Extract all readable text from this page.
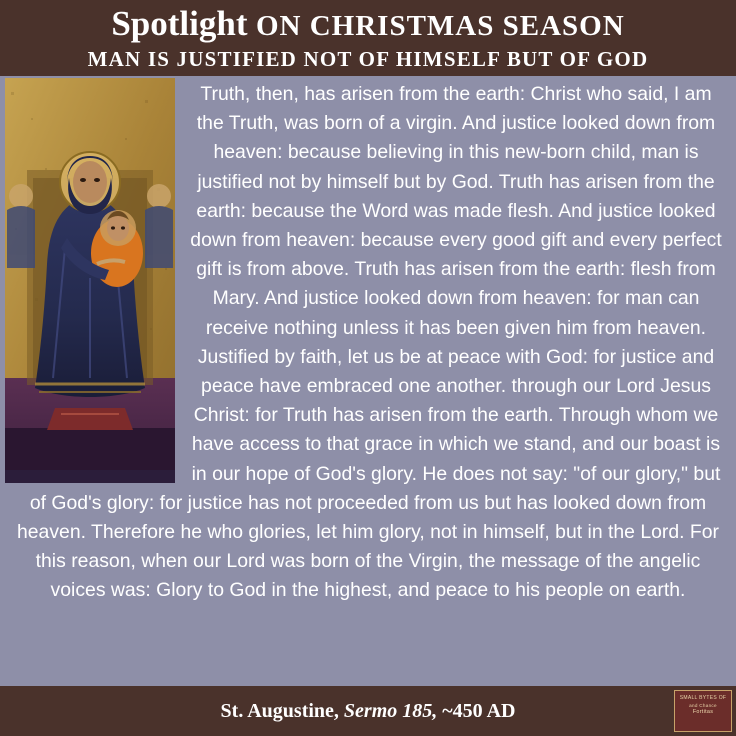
Spotlight ON CHRISTMAS SEASON
MAN IS JUSTIFIED NOT OF HIMSELF BUT OF GOD
Truth, then, has arisen from the earth: Christ who said, I am the Truth, was born of a virgin. And justice looked down from heaven: because believing in this new-born child, man is justified not by himself but by God. Truth has arisen from the earth: because the Word was made flesh. And justice looked down from heaven: because every good gift and every perfect gift is from above. Truth has arisen from the earth: flesh from Mary. And justice looked down from heaven: for man can receive nothing unless it has been given him from heaven. Justified by faith, let us be at peace with God: for justice and peace have embraced one another. through our Lord Jesus Christ: for Truth has arisen from the earth. Through whom we have access to that grace in which we stand, and our boast is in our hope of God's glory. He does not say: "of our glory," but of God's glory: for justice has not proceeded from us but has looked down from heaven. Therefore he who glories, let him glory, not in himself, but in the Lord. For this reason, when our Lord was born of the Virgin, the message of the angelic voices was: Glory to God in the highest, and peace to his people on earth.
St. Augustine, Sermo 185, ~450 AD
SMALL BYTES OF
and Chance
Fortitas
